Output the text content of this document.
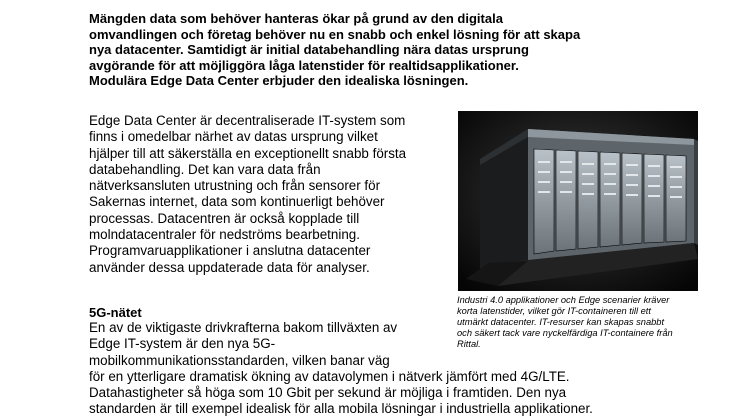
Mängden data som behöver hanteras ökar på grund av den digitala
omvandlingen och företag behöver nu en snabb och enkel lösning för att skapa
nya datacenter. Samtidigt är initial databehandling nära datas ursprung
avgörande för att möjliggöra låga latenstider för realtidsapplikationer.
Modulära Edge Data Center erbjuder den idealiska lösningen.
Edge Data Center är decentraliserade IT-system som
finns i omedelbar närhet av datas ursprung vilket
hjälper till att säkerställa en exceptionellt snabb första
databehandling. Det kan vara data från
nätverksansluten utrustning och från sensorer för
Sakernas internet, data som kontinuerligt behöver
processas. Datacentren är också kopplade till
molndatacentraler för nedströms bearbetning.
Programvaruapplikationer i anslutna datacenter
använder dessa uppdaterade data för analyser.
Industri 4.0 applikationer och Edge scenarier kräver
korta latenstider, vilket gör IT-containeren till ett
utmärkt datacenter. IT-resurser kan skapas snabbt
och säkert tack vare nyckelfärdiga IT-containere från
Rittal.
5G-nätet
En av de viktigaste drivkrafterna bakom tillväxten av
Edge IT-system är den nya 5G-
mobilkommunikationsstandarden, vilken banar väg
för en ytterligare dramatisk ökning av datavolymen i nätverk jämfört med 4G/LTE.
Datahastigheter så höga som 10 Gbit per sekund är möjliga i framtiden. Den nya
standarden är till exempel idealisk för alla mobila lösningar i industriella applikationer.
